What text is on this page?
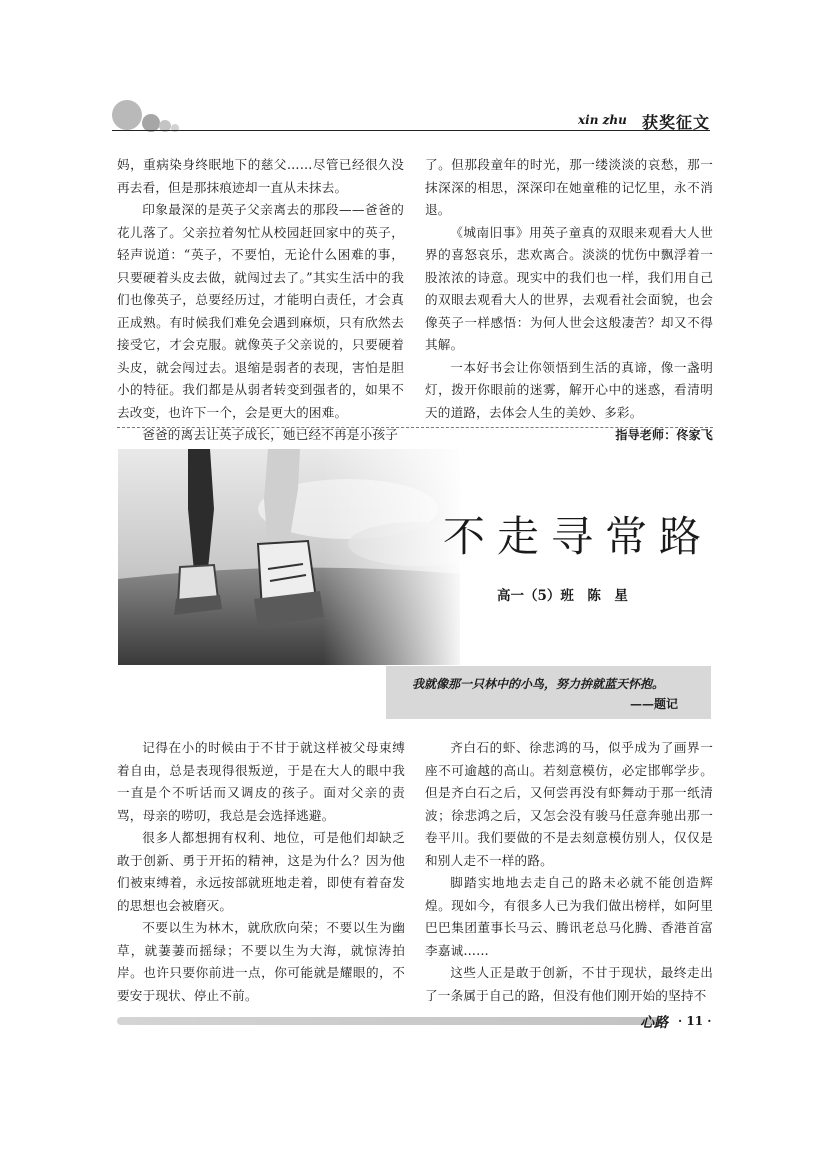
xin zhu 获奖征文

妈，重病染身终眠地下的慈父……尽管已经很久没再去看，但是那抹痕迹却一直从未抹去。

印象最深的是英子父亲离去的那段——爸爸的花儿落了。父亲拉着匆忙从校园赶回家中的英子，轻声说道：“英子，不要怕，无论什么困难的事，只要硬着头皮去做，就闯过去了。”其实生活中的我们也像英子，总要经历过，才能明白责任，才会真正成熟。有时候我们难免会遇到麻烦，只有欣然去接受它，才会克服。就像英子父亲说的，只要硬着头皮，就会闯过去。退缩是弱者的表现，害怕是胆小的特征。我们都是从弱者转变到强者的，如果不去改变，也许下一个，会是更大的困难。

爸爸的离去让英子成长，她已经不再是小孩子

了。但那段童年的时光，那一缕淡淡的哀愁，那一抹深深的相思，深深印在她童稚的记忆里，永不消退。

《城南旧事》用英子童真的双眼来观看大人世界的喜怒哀乐，悲欢离合。淡淡的忧伤中飘浮着一股浓浓的诗意。现实中的我们也一样，我们用自己的双眼去观看大人的世界，去观看社会面貌，也会像英子一样感悟：为何人世会这般凄苦？却又不得其解。

一本好书会让你领悟到生活的真谛，像一盏明灯，拨开你眼前的迷雾，解开心中的迷惑，看清明天的道路，去体会人生的美妙、多彩。

指导老师：佟家飞

不走寻常路
高一（5）班　陈　星
我就像那一只林中的小鸟，努力拚就蓝天怀抱。
——题记

记得在小的时候由于不甘于就这样被父母束缚着自由，总是表现得很叛逆，于是在大人的眼中我一直是个不听话而又调皮的孩子。面对父亲的责骂，母亲的唠叨，我总是会选择逃避。

很多人都想拥有权利、地位，可是他们却缺乏敢于创新、勇于开拓的精神，这是为什么？因为他们被束缚着，永远按部就班地走着，即使有着奋发的思想也会被磨灭。

不要以生为林木，就欣欣向荣；不要以生为幽草，就萋萋而摇绿；不要以生为大海，就惊涛拍岸。也许只要你前进一点，你可能就是耀眼的，不要安于现状、停止不前。

齐白石的虾、徐悲鸿的马，似乎成为了画界一座不可逾越的高山。若刻意模仿，必定邯郸学步。但是齐白石之后，又何尝再没有虾舞动于那一纸清波；徐悲鸿之后，又怎会没有骏马任意奔驰出那一卷平川。我们要做的不是去刻意模仿别人，仅仅是和别人走不一样的路。

脚踏实地地去走自己的路未必就不能创造辉煌。现如今，有很多人已为我们做出榜样，如阿里巴巴集团董事长马云、腾讯老总马化腾、香港首富李嘉诚……

这些人正是敢于创新，不甘于现状，最终走出了一条属于自己的路，但没有他们刚开始的坚持不

心路 · 11 ·
